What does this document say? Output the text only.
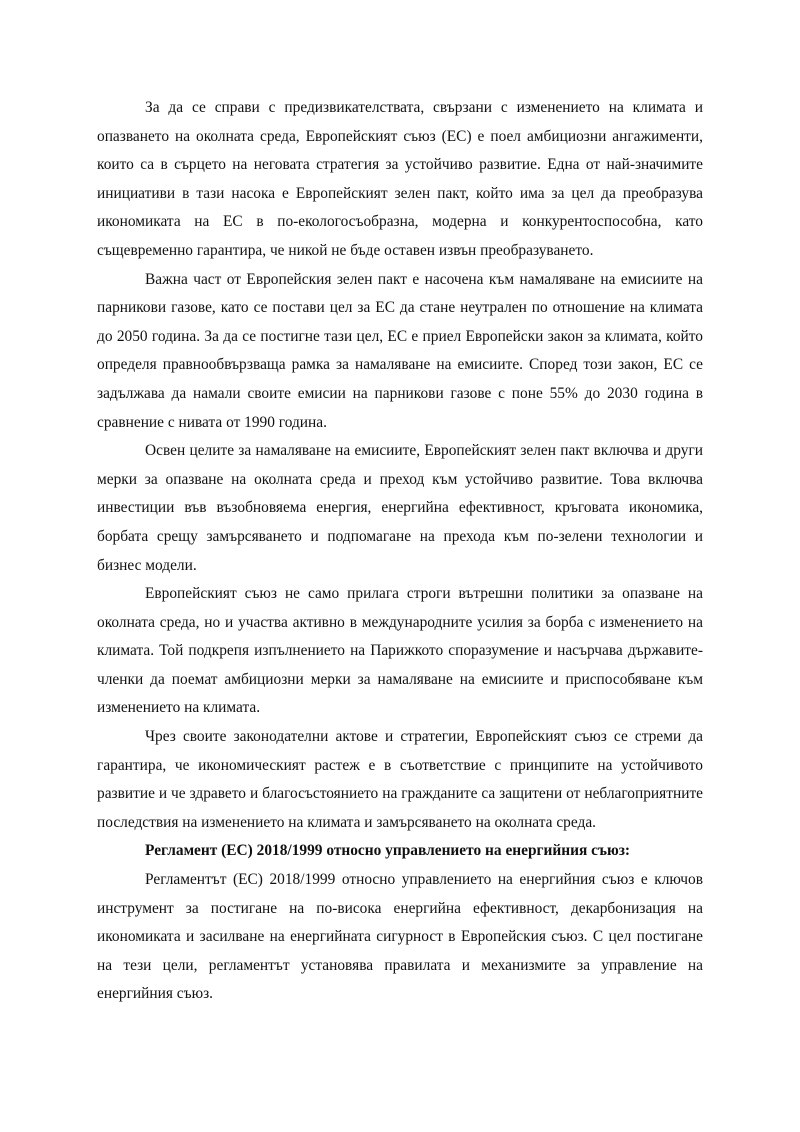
За да се справи с предизвикателствата, свързани с изменението на климата и опазването на околната среда, Европейският съюз (ЕС) е поел амбициозни ангажименти, които са в сърцето на неговата стратегия за устойчиво развитие. Една от най-значимите инициативи в тази насока е Европейският зелен пакт, който има за цел да преобразува икономиката на ЕС в по-екологосъобразна, модерна и конкурентоспособна, като същевременно гарантира, че никой не бъде оставен извън преобразуването.

Важна част от Европейския зелен пакт е насочена към намаляване на емисиите на парникови газове, като се постави цел за ЕС да стане неутрален по отношение на климата до 2050 година. За да се постигне тази цел, ЕС е приел Европейски закон за климата, който определя правнообвързваща рамка за намаляване на емисиите. Според този закон, ЕС се задължава да намали своите емисии на парникови газове с поне 55% до 2030 година в сравнение с нивата от 1990 година.

Освен целите за намаляване на емисиите, Европейският зелен пакт включва и други мерки за опазване на околната среда и преход към устойчиво развитие. Това включва инвестиции във възобновяема енергия, енергийна ефективност, кръговата икономика, борбата срещу замърсяването и подпомагане на прехода към по-зелени технологии и бизнес модели.

Европейският съюз не само прилага строги вътрешни политики за опазване на околната среда, но и участва активно в международните усилия за борба с изменението на климата. Той подкрепя изпълнението на Парижкото споразумение и насърчава държавите-членки да поемат амбициозни мерки за намаляване на емисиите и приспособяване към изменението на климата.

Чрез своите законодателни актове и стратегии, Европейският съюз се стреми да гарантира, че икономическият растеж е в съответствие с принципите на устойчивото развитие и че здравето и благосъстоянието на гражданите са защитени от неблагоприятните последствия на изменението на климата и замърсяването на околната среда.

Регламент (ЕС) 2018/1999 относно управлението на енергийния съюз:

Регламентът (ЕС) 2018/1999 относно управлението на енергийния съюз е ключов инструмент за постигане на по-висока енергийна ефективност, декарбонизация на икономиката и засилване на енергийната сигурност в Европейския съюз. С цел постигане на тези цели, регламентът установява правилата и механизмите за управление на енергийния съюз.
